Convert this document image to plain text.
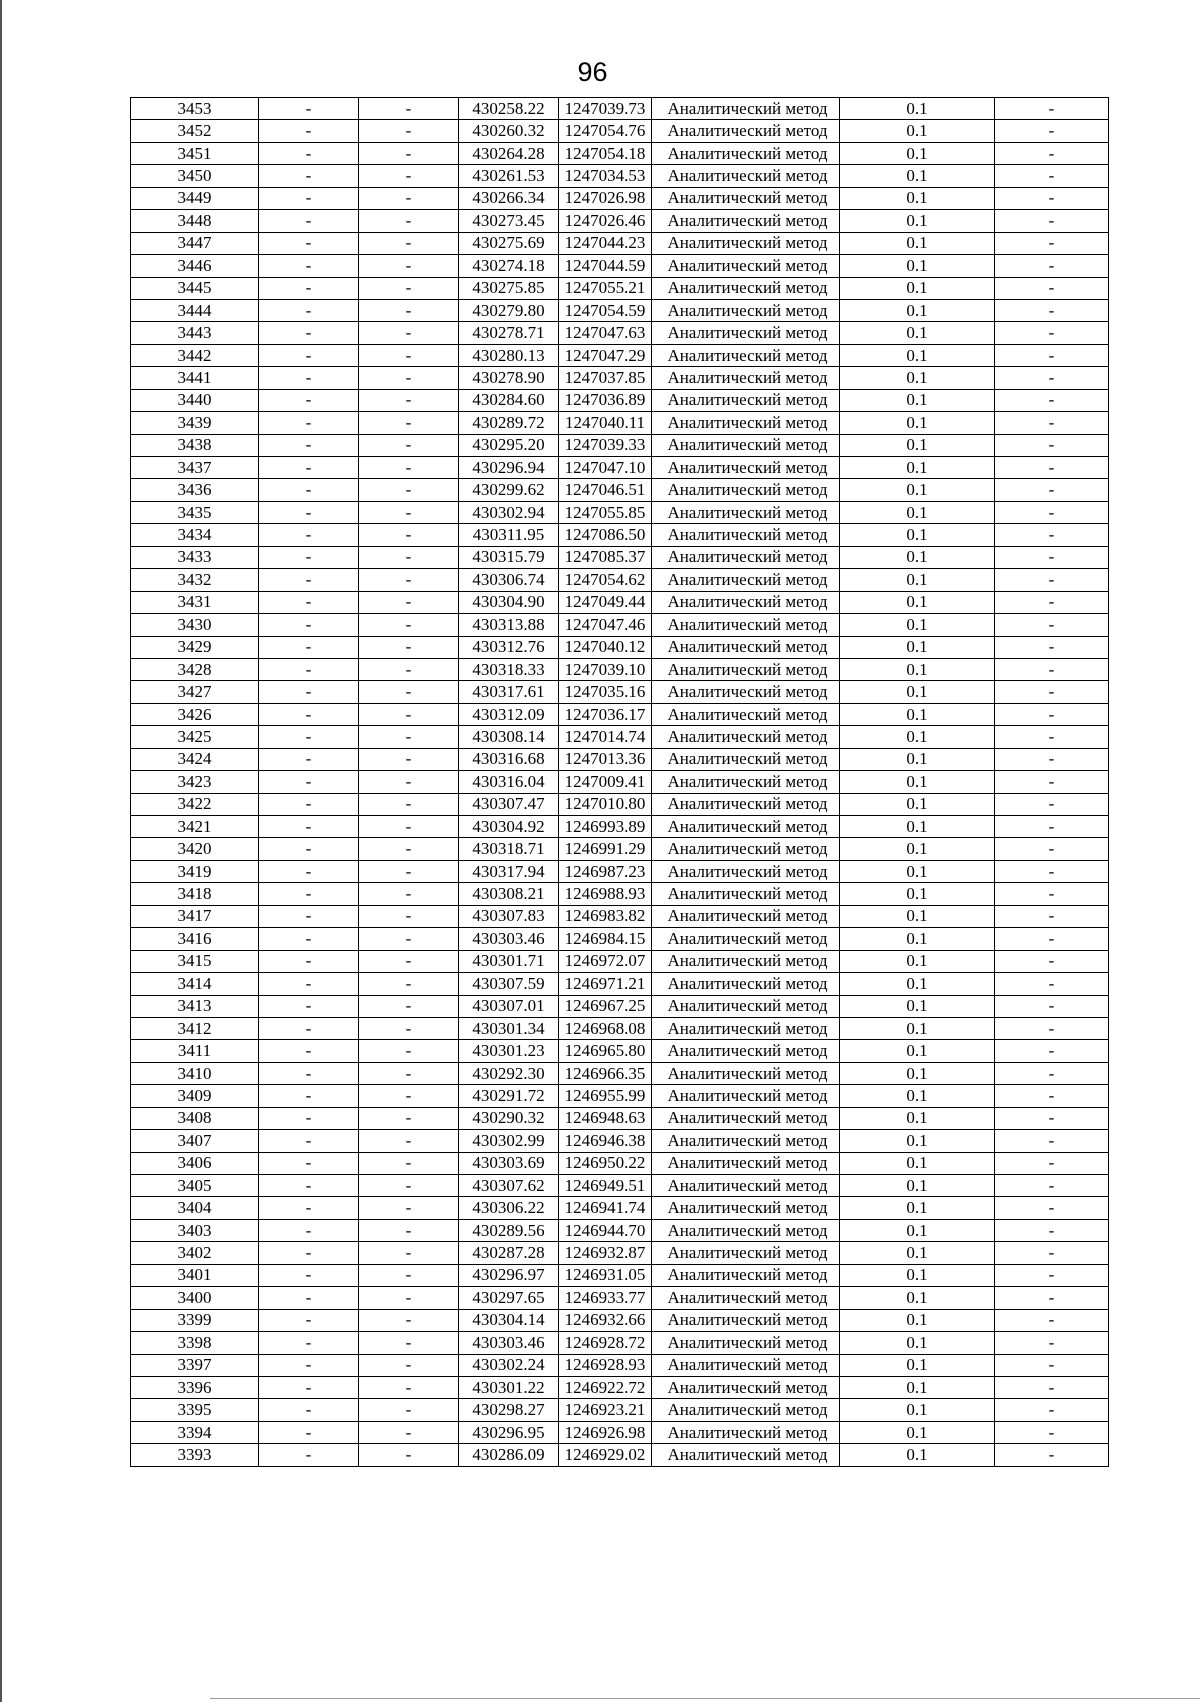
96
3453	-	-	430258.22	1247039.73	Аналитический метод	0.1	-
3452	-	-	430260.32	1247054.76	Аналитический метод	0.1	-
3451	-	-	430264.28	1247054.18	Аналитический метод	0.1	-
3450	-	-	430261.53	1247034.53	Аналитический метод	0.1	-
3449	-	-	430266.34	1247026.98	Аналитический метод	0.1	-
3448	-	-	430273.45	1247026.46	Аналитический метод	0.1	-
3447	-	-	430275.69	1247044.23	Аналитический метод	0.1	-
3446	-	-	430274.18	1247044.59	Аналитический метод	0.1	-
3445	-	-	430275.85	1247055.21	Аналитический метод	0.1	-
3444	-	-	430279.80	1247054.59	Аналитический метод	0.1	-
3443	-	-	430278.71	1247047.63	Аналитический метод	0.1	-
3442	-	-	430280.13	1247047.29	Аналитический метод	0.1	-
3441	-	-	430278.90	1247037.85	Аналитический метод	0.1	-
3440	-	-	430284.60	1247036.89	Аналитический метод	0.1	-
3439	-	-	430289.72	1247040.11	Аналитический метод	0.1	-
3438	-	-	430295.20	1247039.33	Аналитический метод	0.1	-
3437	-	-	430296.94	1247047.10	Аналитический метод	0.1	-
3436	-	-	430299.62	1247046.51	Аналитический метод	0.1	-
3435	-	-	430302.94	1247055.85	Аналитический метод	0.1	-
3434	-	-	430311.95	1247086.50	Аналитический метод	0.1	-
3433	-	-	430315.79	1247085.37	Аналитический метод	0.1	-
3432	-	-	430306.74	1247054.62	Аналитический метод	0.1	-
3431	-	-	430304.90	1247049.44	Аналитический метод	0.1	-
3430	-	-	430313.88	1247047.46	Аналитический метод	0.1	-
3429	-	-	430312.76	1247040.12	Аналитический метод	0.1	-
3428	-	-	430318.33	1247039.10	Аналитический метод	0.1	-
3427	-	-	430317.61	1247035.16	Аналитический метод	0.1	-
3426	-	-	430312.09	1247036.17	Аналитический метод	0.1	-
3425	-	-	430308.14	1247014.74	Аналитический метод	0.1	-
3424	-	-	430316.68	1247013.36	Аналитический метод	0.1	-
3423	-	-	430316.04	1247009.41	Аналитический метод	0.1	-
3422	-	-	430307.47	1247010.80	Аналитический метод	0.1	-
3421	-	-	430304.92	1246993.89	Аналитический метод	0.1	-
3420	-	-	430318.71	1246991.29	Аналитический метод	0.1	-
3419	-	-	430317.94	1246987.23	Аналитический метод	0.1	-
3418	-	-	430308.21	1246988.93	Аналитический метод	0.1	-
3417	-	-	430307.83	1246983.82	Аналитический метод	0.1	-
3416	-	-	430303.46	1246984.15	Аналитический метод	0.1	-
3415	-	-	430301.71	1246972.07	Аналитический метод	0.1	-
3414	-	-	430307.59	1246971.21	Аналитический метод	0.1	-
3413	-	-	430307.01	1246967.25	Аналитический метод	0.1	-
3412	-	-	430301.34	1246968.08	Аналитический метод	0.1	-
3411	-	-	430301.23	1246965.80	Аналитический метод	0.1	-
3410	-	-	430292.30	1246966.35	Аналитический метод	0.1	-
3409	-	-	430291.72	1246955.99	Аналитический метод	0.1	-
3408	-	-	430290.32	1246948.63	Аналитический метод	0.1	-
3407	-	-	430302.99	1246946.38	Аналитический метод	0.1	-
3406	-	-	430303.69	1246950.22	Аналитический метод	0.1	-
3405	-	-	430307.62	1246949.51	Аналитический метод	0.1	-
3404	-	-	430306.22	1246941.74	Аналитический метод	0.1	-
3403	-	-	430289.56	1246944.70	Аналитический метод	0.1	-
3402	-	-	430287.28	1246932.87	Аналитический метод	0.1	-
3401	-	-	430296.97	1246931.05	Аналитический метод	0.1	-
3400	-	-	430297.65	1246933.77	Аналитический метод	0.1	-
3399	-	-	430304.14	1246932.66	Аналитический метод	0.1	-
3398	-	-	430303.46	1246928.72	Аналитический метод	0.1	-
3397	-	-	430302.24	1246928.93	Аналитический метод	0.1	-
3396	-	-	430301.22	1246922.72	Аналитический метод	0.1	-
3395	-	-	430298.27	1246923.21	Аналитический метод	0.1	-
3394	-	-	430296.95	1246926.98	Аналитический метод	0.1	-
3393	-	-	430286.09	1246929.02	Аналитический метод	0.1	-
